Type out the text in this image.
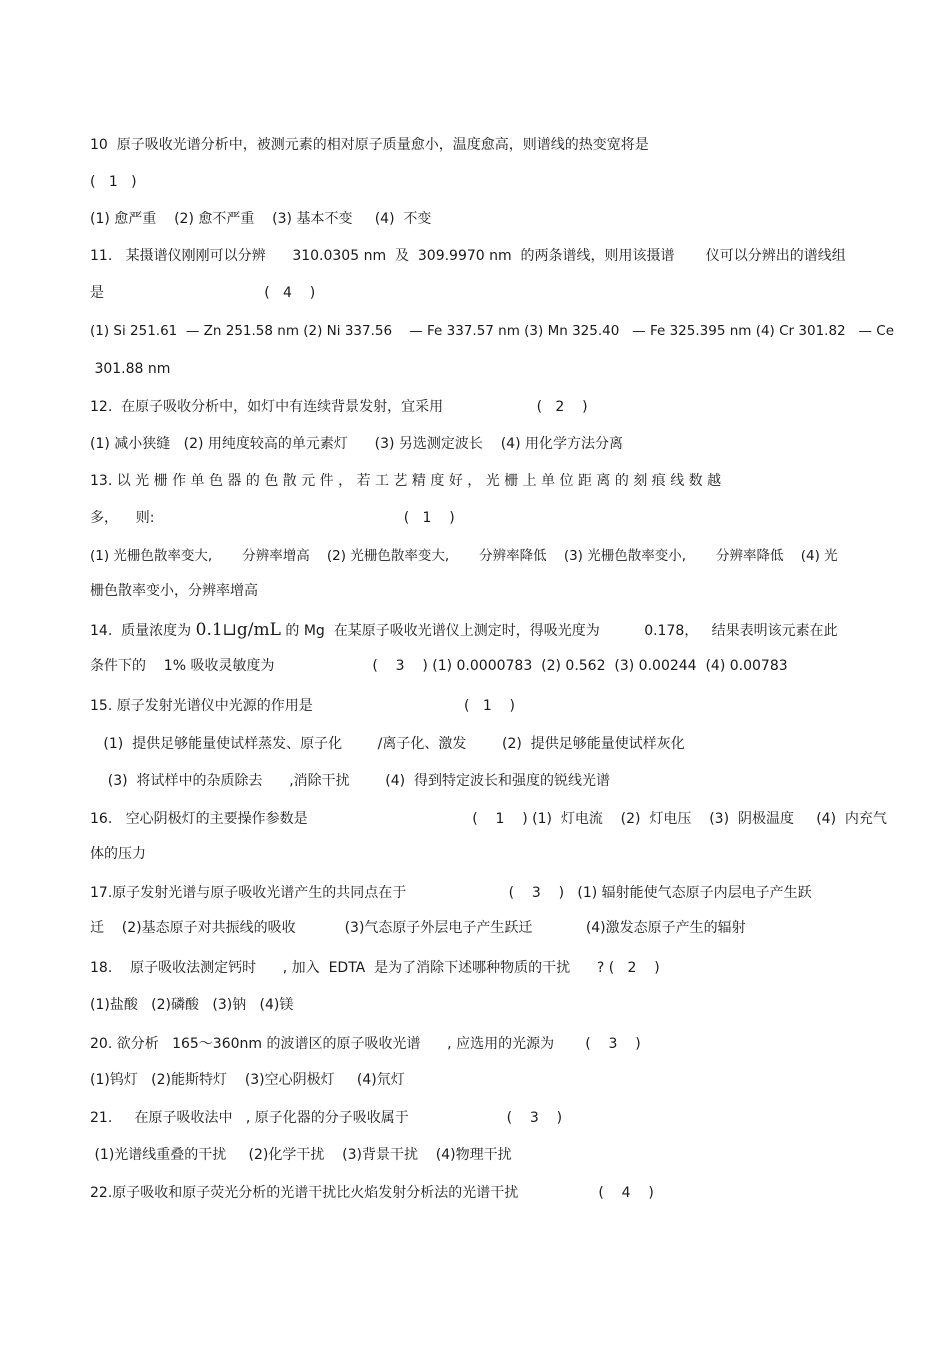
10  原子吸收光谱分析中，被测元素的相对原子质量愈小，温度愈高，则谱线的热变宽将是
(   1   )
(1) 愈严重    (2) 愈不严重    (3) 基本不变     (4)  不变
11.   某摄谱仪刚刚可以分辨      310.0305 nm  及  309.9970 nm  的两条谱线，则用该摄谱       仪可以分辨出的谱线组
是                                    (   4    )
(1) Si 251.61  — Zn 251.58 nm (2) Ni 337.56    — Fe 337.57 nm (3) Mn 325.40   — Fe 325.395 nm (4) Cr 301.82   — Ce
301.88 nm
12.  在原子吸收分析中，如灯中有连续背景发射，宜采用                     (   2    )
(1) 减小狭缝   (2) 用纯度较高的单元素灯      (3) 另选测定波长    (4) 用化学方法分离
13. 以 光 栅 作 单 色 器 的 色 散 元 件 ， 若 工 艺 精 度 好 ， 光 栅 上 单 位 距 离 的 刻 痕 线 数 越
多，    则:                                                        (   1    )
(1) 光栅色散率变大,       分辨率增高    (2) 光栅色散率变大,       分辨率降低    (3) 光栅色散率变小,       分辨率降低    (4) 光
栅色散率变小，分辨率增高
14.  质量浓度为 0.1⊔g/mL 的 Mg  在某原子吸收光谱仪上测定时，得吸光度为          0.178，   结果表明该元素在此
条件下的    1% 吸收灵敏度为                      (    3    ) (1) 0.0000783  (2) 0.562  (3) 0.00244  (4) 0.00783
15. 原子发射光谱仪中光源的作用是                                  (   1    )
(1)  提供足够能量使试样蒸发、原子化        /离子化、激发        (2)  提供足够能量使试样灰化
(3)  将试样中的杂质除去      ,消除干扰        (4)  得到特定波长和强度的锐线光谱
16.   空心阴极灯的主要操作参数是                                     (    1    ) (1)  灯电流    (2)  灯电压    (3)  阴极温度     (4)  内充气
体的压力
17.原子发射光谱与原子吸收光谱产生的共同点在于                       (    3    )   (1) 辐射能使气态原子内层电子产生跃
迁    (2)基态原子对共振线的吸收           (3)气态原子外层电子产生跃迁            (4)激发态原子产生的辐射
18.    原子吸收法测定钙时      , 加入  EDTA  是为了消除下述哪种物质的干扰      ? (   2    )
(1)盐酸   (2)磷酸   (3)钠   (4)镁
20. 欲分析   165～360nm 的波谱区的原子吸收光谱      , 应选用的光源为       (    3    )
(1)钨灯   (2)能斯特灯    (3)空心阴极灯     (4)氘灯
21.     在原子吸收法中   , 原子化器的分子吸收属于                      (    3    )
(1)光谱线重叠的干扰     (2)化学干扰    (3)背景干扰    (4)物理干扰
22.原子吸收和原子荧光分析的光谱干扰比火焰发射分析法的光谱干扰                  (    4    )
